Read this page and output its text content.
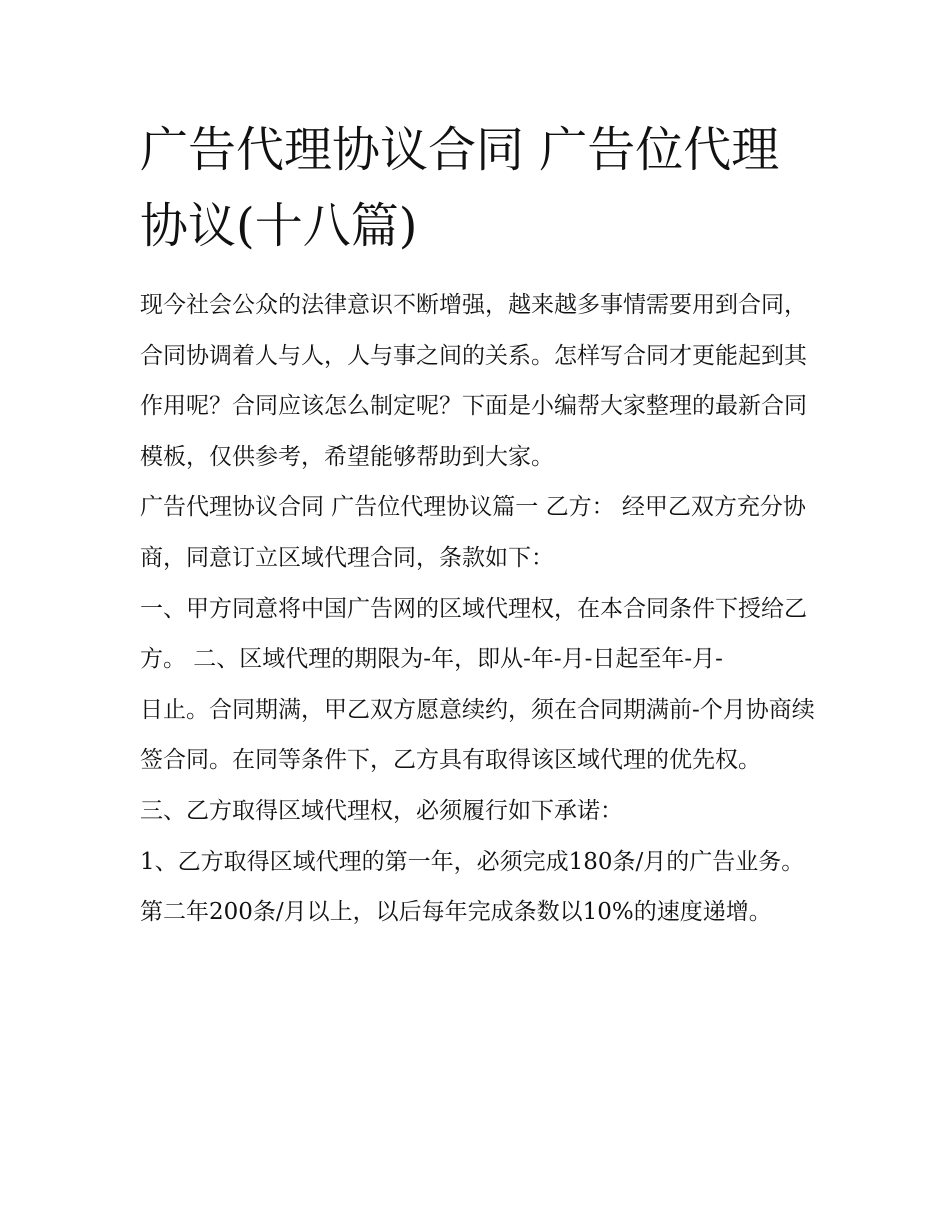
广告代理协议合同 广告位代理协议(十八篇)

现今社会公众的法律意识不断增强，越来越多事情需要用到合同，合同协调着人与人，人与事之间的关系。怎样写合同才更能起到其作用呢？合同应该怎么制定呢？下面是小编帮大家整理的最新合同模板，仅供参考，希望能够帮助到大家。

广告代理协议合同 广告位代理协议篇一 乙方： 经甲乙双方充分协商，同意订立区域代理合同，条款如下：

一、甲方同意将中国广告网的区域代理权，在本合同条件下授给乙方。 二、区域代理的期限为-年，即从-年-月-日起至年-月-

日止。合同期满，甲乙双方愿意续约，须在合同期满前-个月协商续签合同。在同等条件下，乙方具有取得该区域代理的优先权。

三、乙方取得区域代理权，必须履行如下承诺：

1、乙方取得区域代理的第一年，必须完成180条/月的广告业务。第二年200条/月以上，以后每年完成条数以10%的速度递增。
